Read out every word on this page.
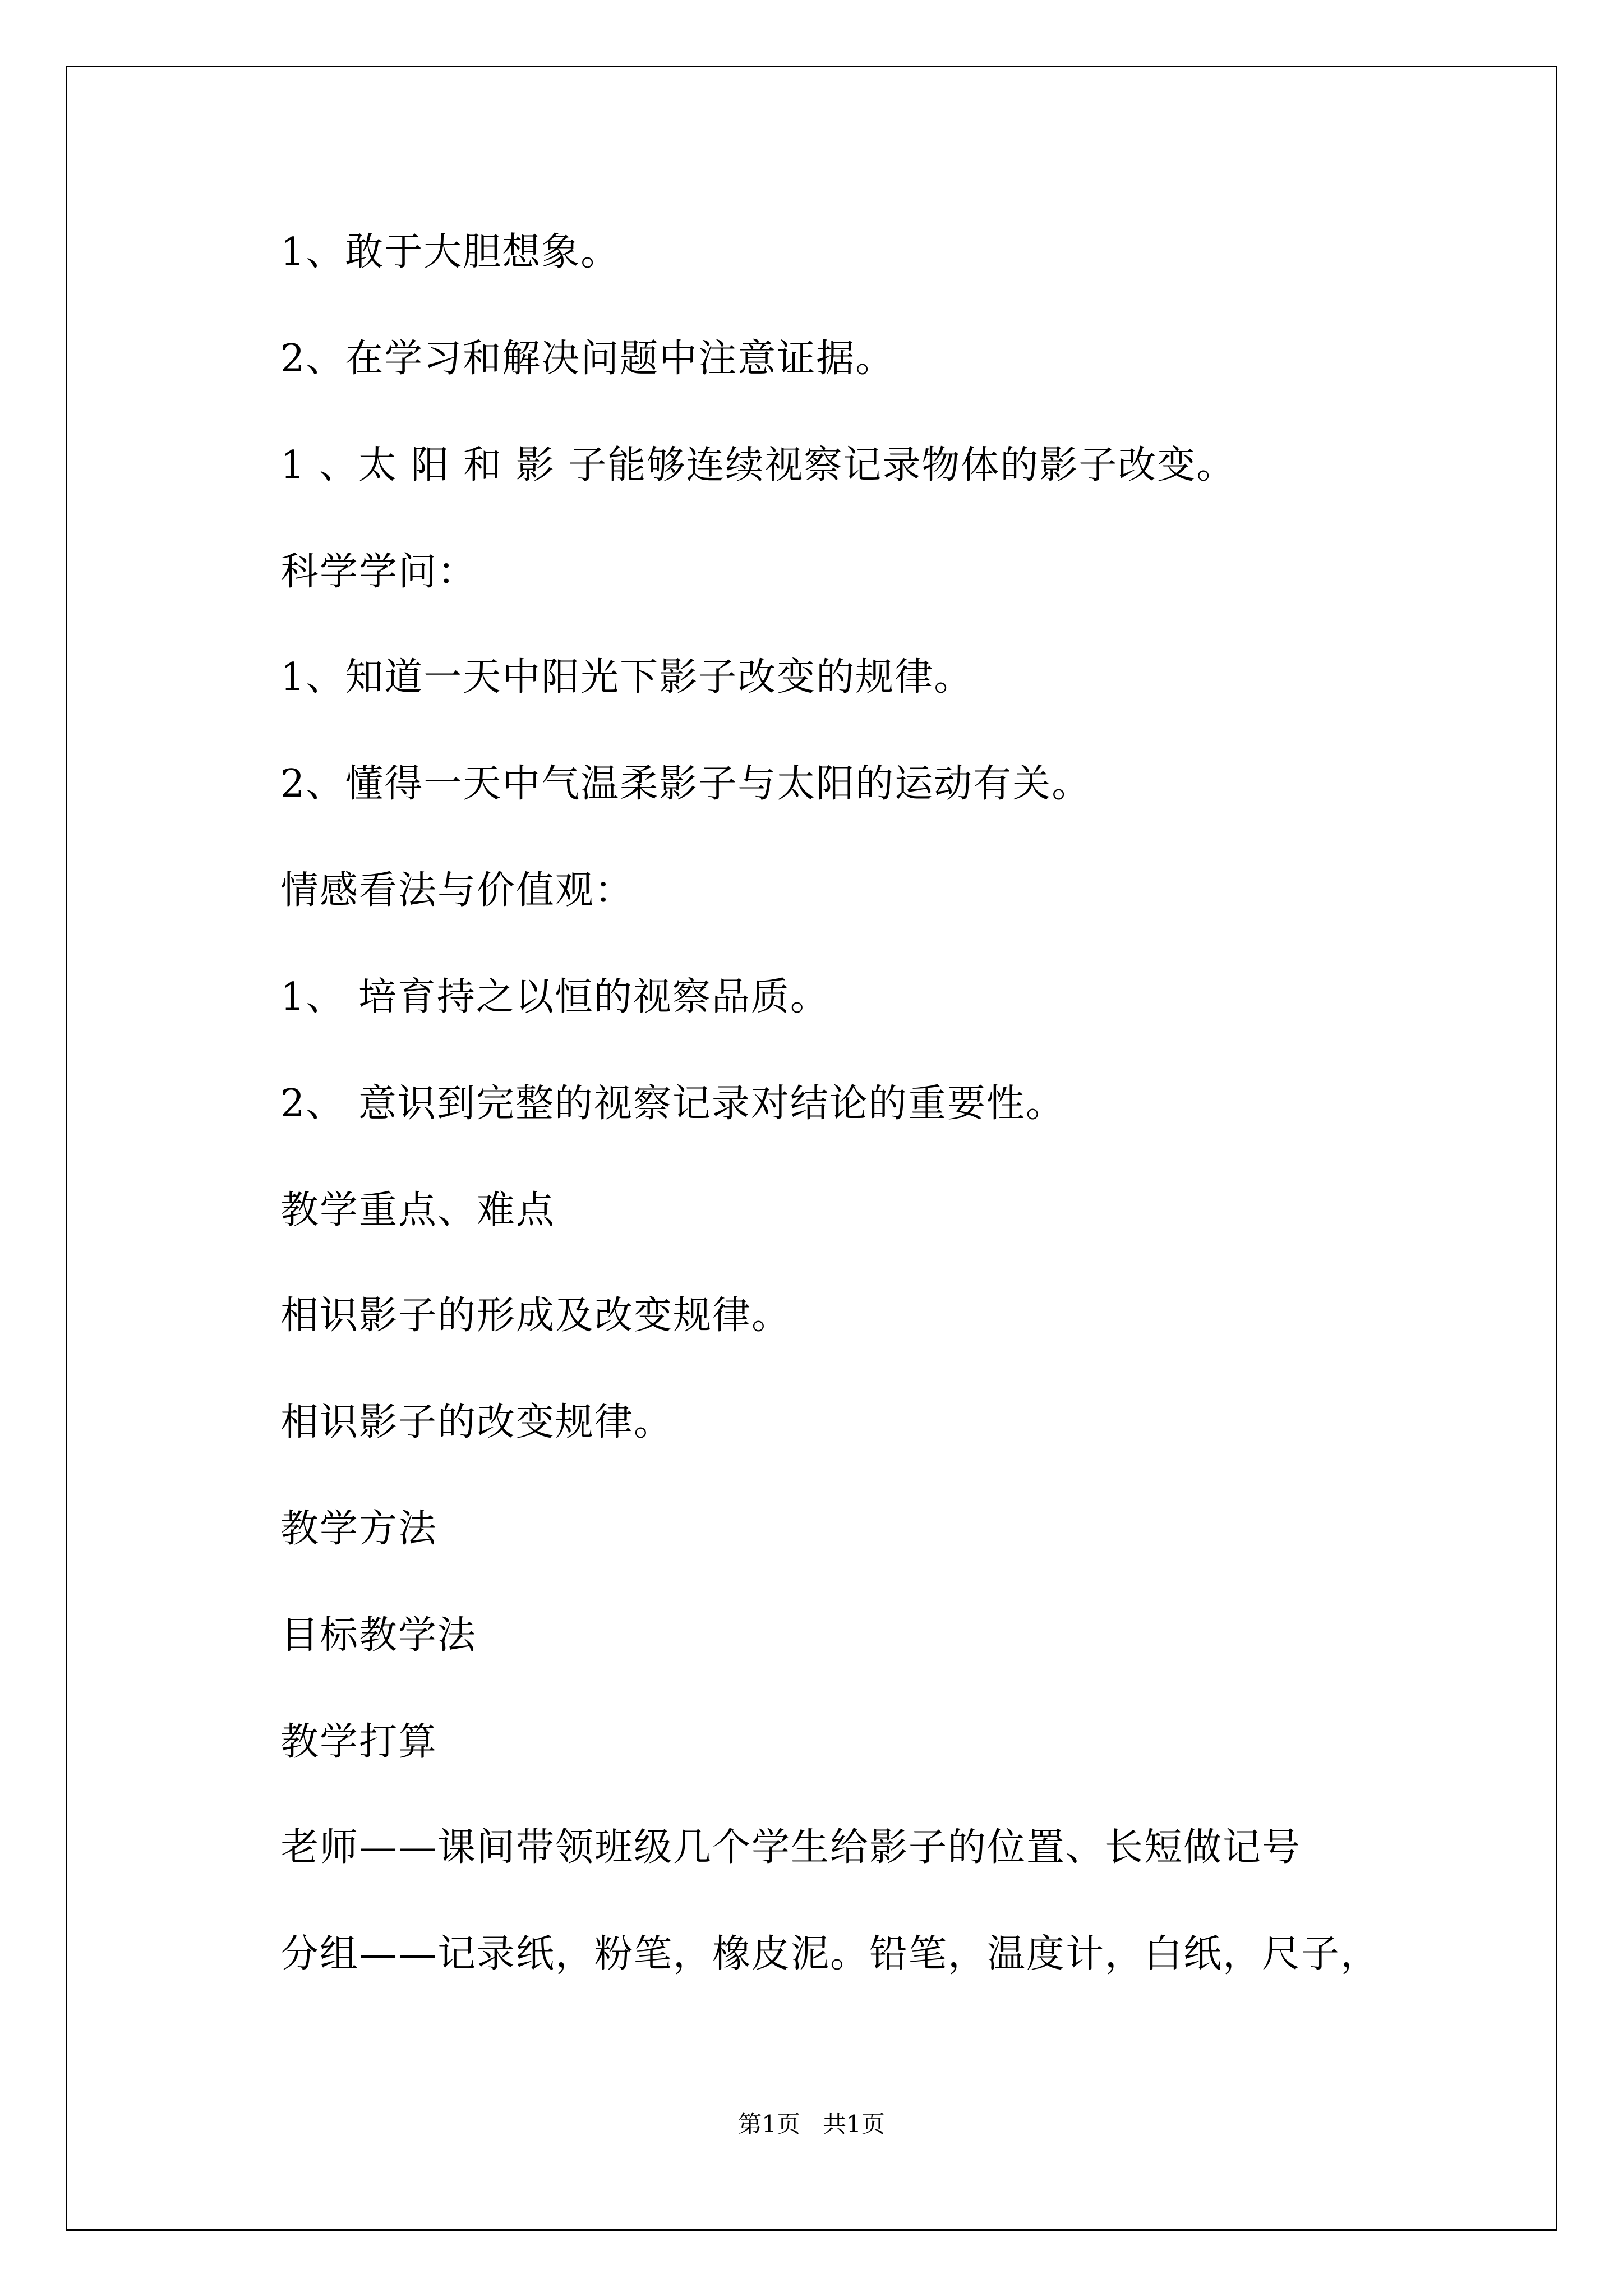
1、敢于大胆想象。
2、在学习和解决问题中注意证据。
1 、太 阳 和 影 子能够连续视察记录物体的影子改变。
科学学问：
1、知道一天中阳光下影子改变的规律。
2、懂得一天中气温柔影子与太阳的运动有关。
情感看法与价值观：
1、 培育持之以恒的视察品质。
2、 意识到完整的视察记录对结论的重要性。
教学重点、难点
相识影子的形成及改变规律。
相识影子的改变规律。
教学方法
目标教学法
教学打算
老师——课间带领班级几个学生给影子的位置、长短做记号
分组——记录纸，粉笔，橡皮泥。铅笔，温度计，白纸，尺子，
第1页   共1页
